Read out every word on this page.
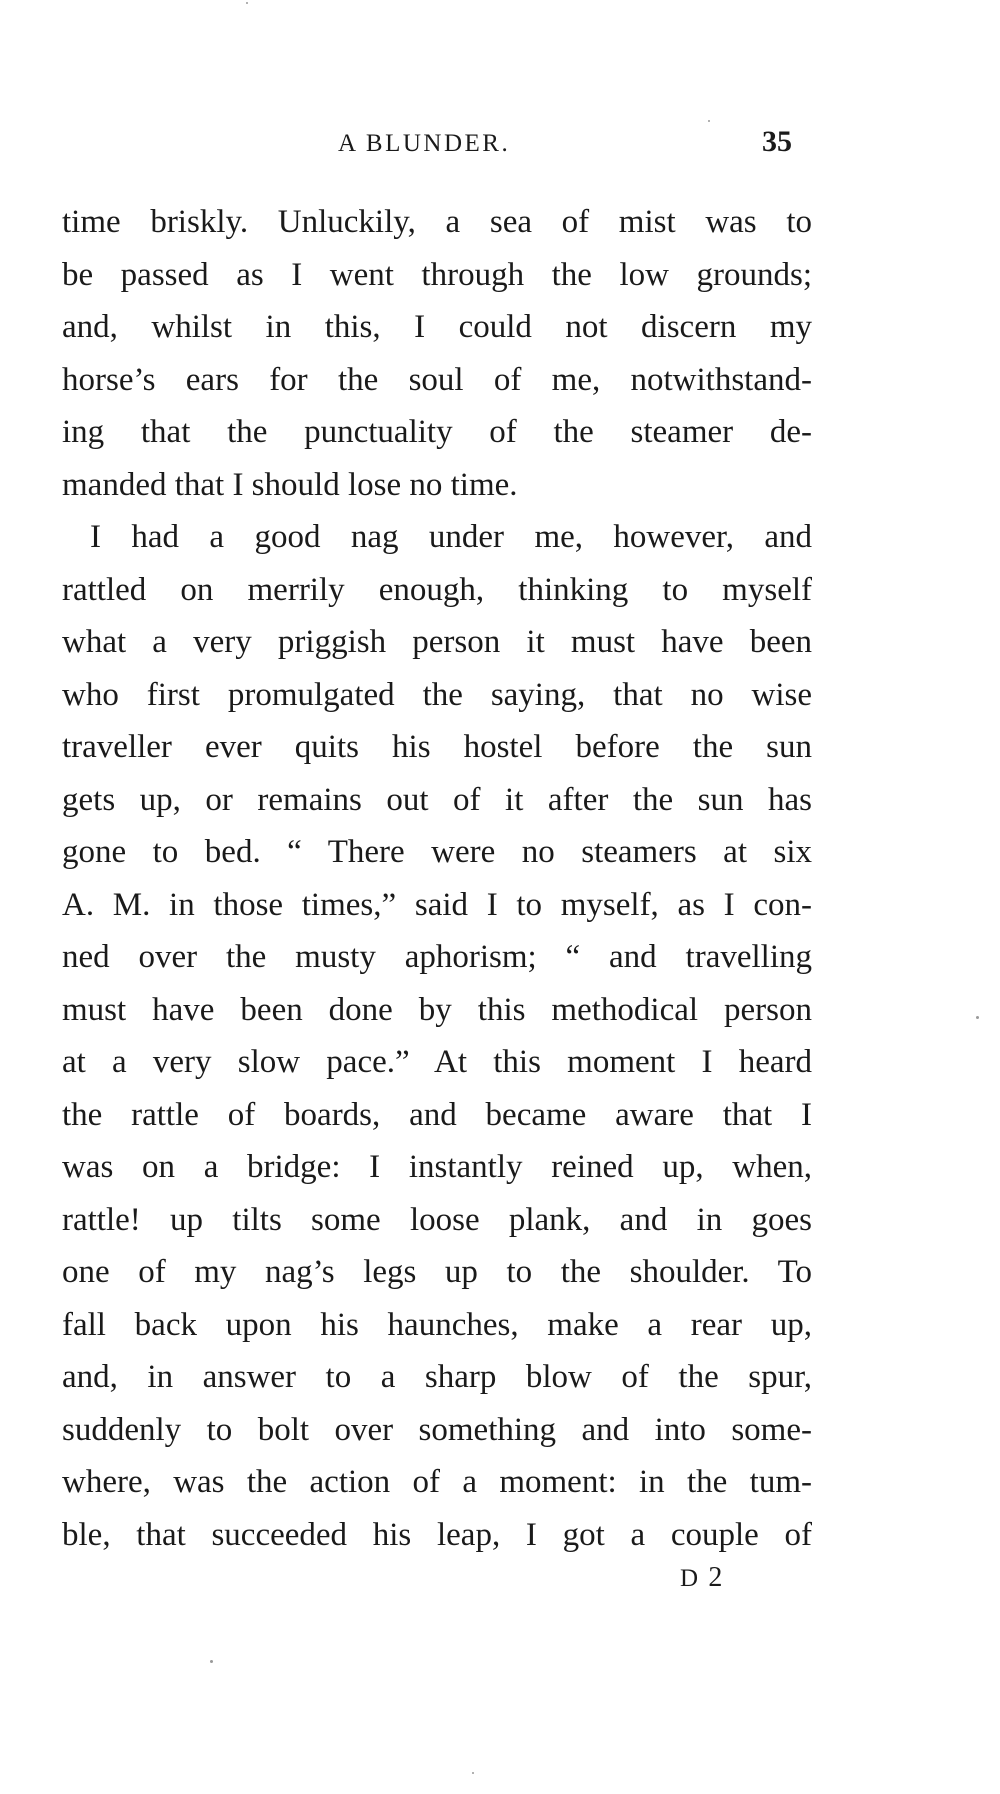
A BLUNDER.	35
time briskly. Unluckily, a sea of mist was to
be passed as I went through the low grounds;
and, whilst in this, I could not discern my
horse’s ears for the soul of me, notwithstand-
ing that the punctuality of the steamer de-
manded that I should lose no time.
I had a good nag under me, however, and
rattled on merrily enough, thinking to myself
what a very priggish person it must have been
who first promulgated the saying, that no wise
traveller ever quits his hostel before the sun
gets up, or remains out of it after the sun has
gone to bed. “ There were no steamers at six
A. M. in those times,” said I to myself, as I con-
ned over the musty aphorism; “ and travelling
must have been done by this methodical person
at a very slow pace.” At this moment I heard
the rattle of boards, and became aware that I
was on a bridge: I instantly reined up, when,
rattle! up tilts some loose plank, and in goes
one of my nag’s legs up to the shoulder. To
fall back upon his haunches, make a rear up,
and, in answer to a sharp blow of the spur,
suddenly to bolt over something and into some-
where, was the action of a moment: in the tum-
ble, that succeeded his leap, I got a couple of
D 2
